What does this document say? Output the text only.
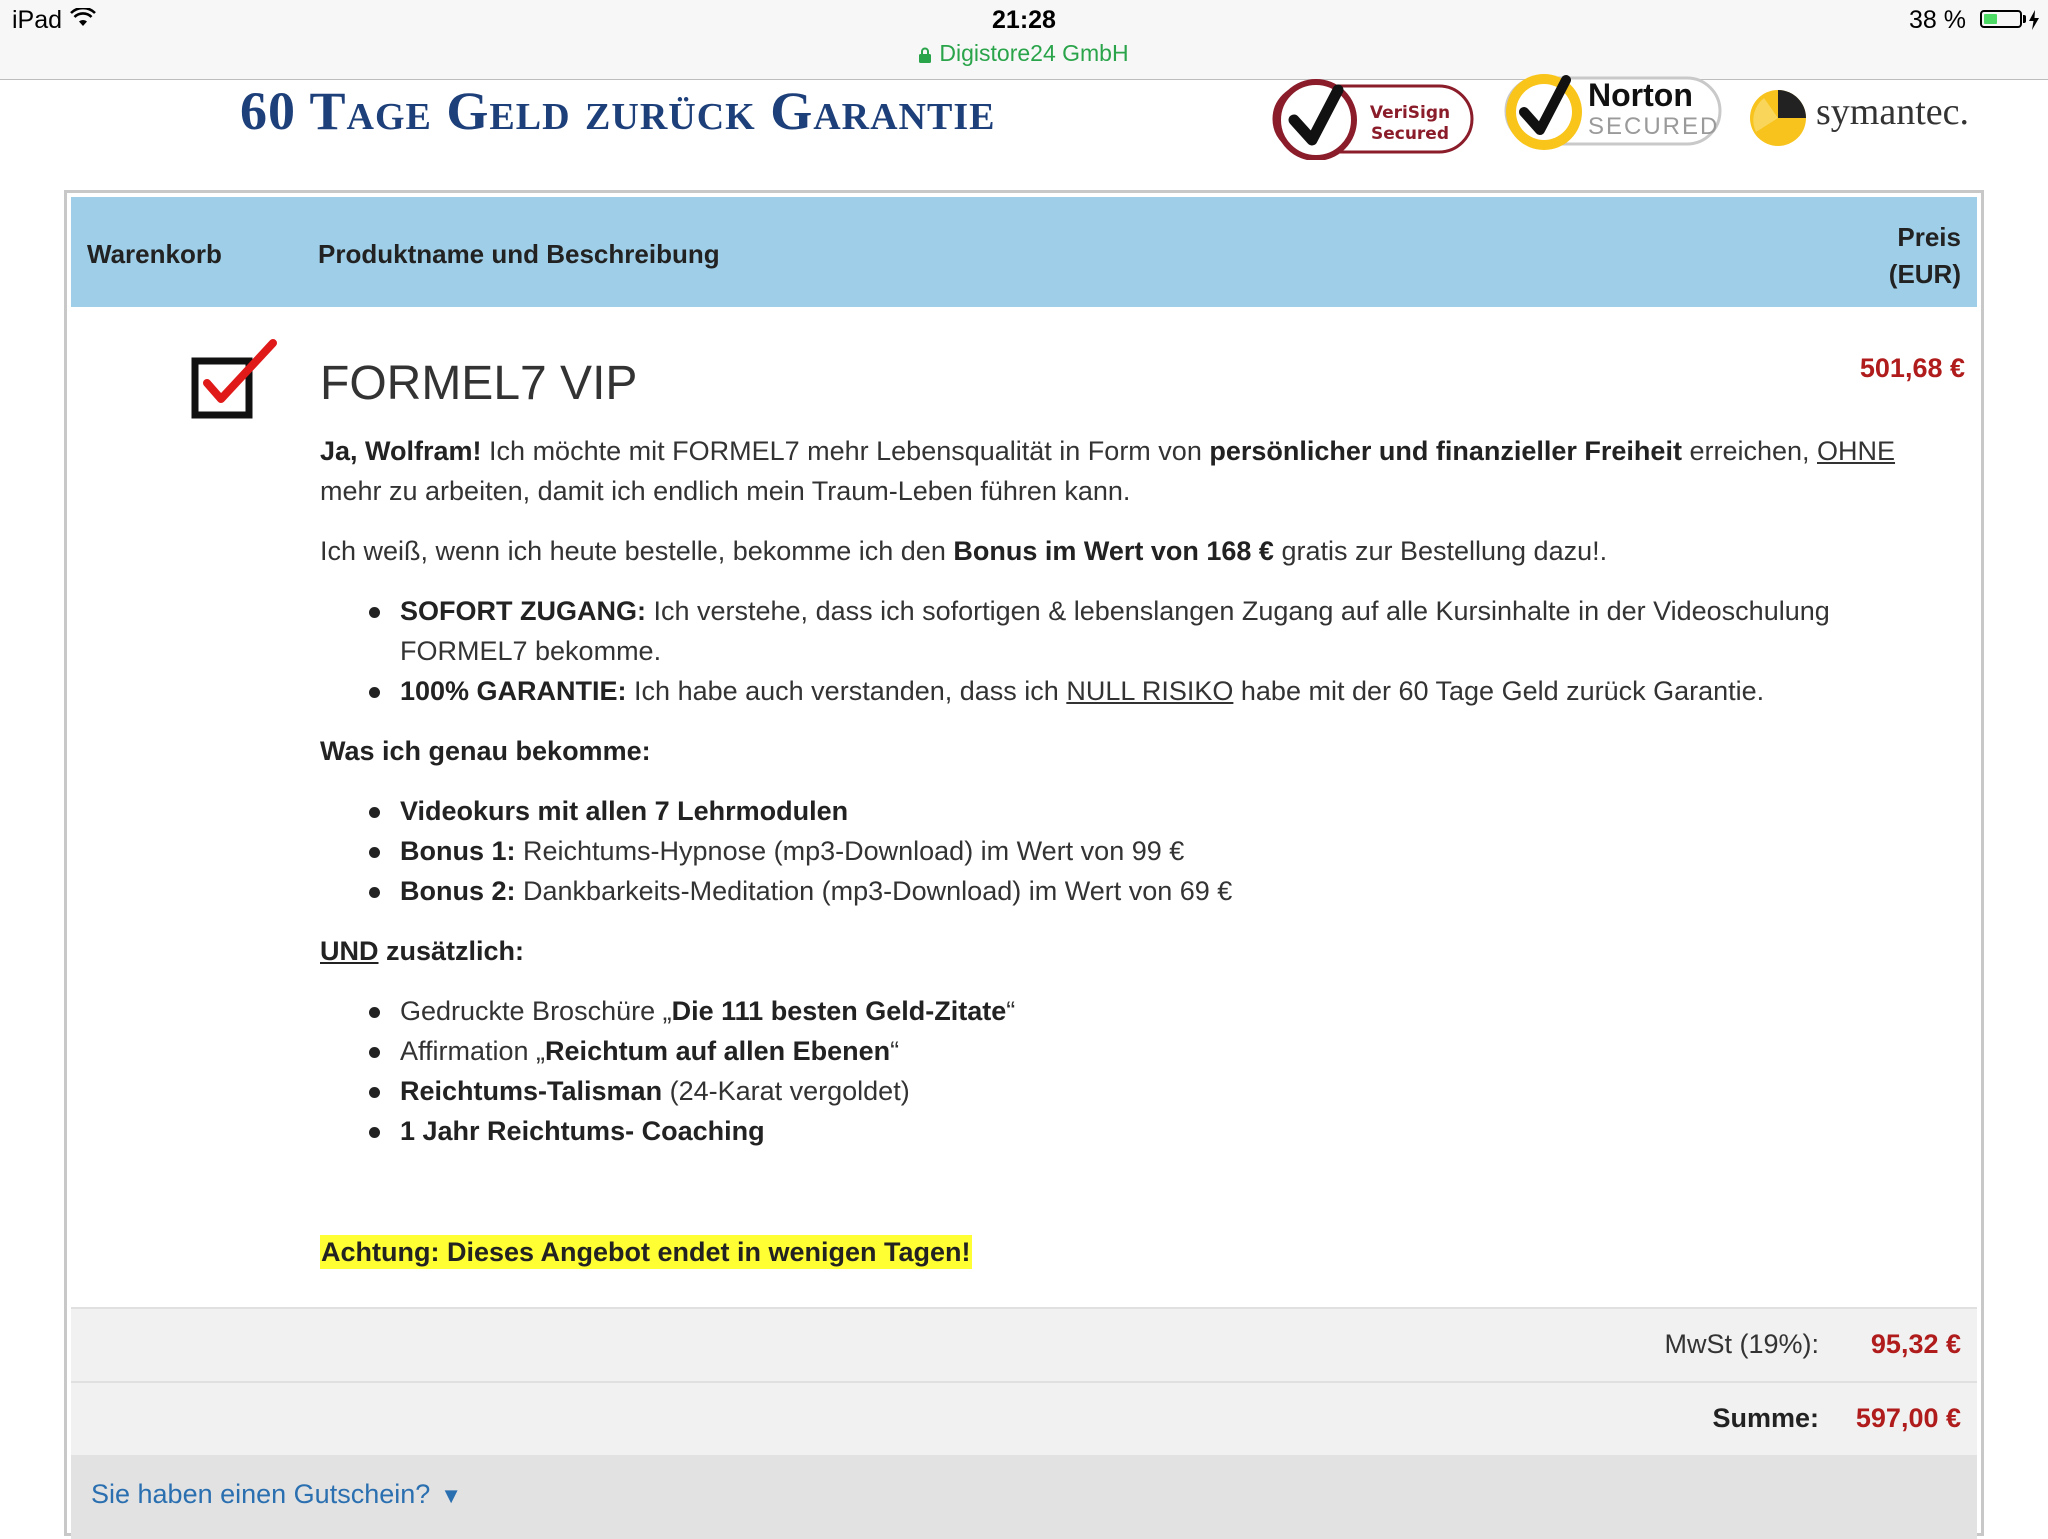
iPad	21:28
Digistore24 GmbH
38 %
60 Tage Geld zurück Garantie	VeriSign
Secured
Norton
SECURED	symantec.
Warenkorb	Produktname und Beschreibung
Preis
(EUR)
FORMEL7 VIP	501,68 €

Ja, Wolfram! Ich möchte mit FORMEL7 mehr Lebensqualität in Form von persönlicher und finanzieller Freiheit erreichen, OHNE mehr zu arbeiten, damit ich endlich mein Traum-Leben führen kann.

Ich weiß, wenn ich heute bestelle, bekomme ich den Bonus im Wert von 168 € gratis zur Bestellung dazu!.

SOFORT ZUGANG: Ich verstehe, dass ich sofortigen & lebenslangen Zugang auf alle Kursinhalte in der Videoschulung FORMEL7 bekomme.
100% GARANTIE: Ich habe auch verstanden, dass ich NULL RISIKO habe mit der 60 Tage Geld zurück Garantie.

Was ich genau bekomme:

Videokurs mit allen 7 Lehrmodulen
Bonus 1: Reichtums-Hypnose (mp3-Download) im Wert von 99 €
Bonus 2: Dankbarkeits-Meditation (mp3-Download) im Wert von 69 €

UND zusätzlich:

Gedruckte Broschüre „Die 111 besten Geld-Zitate“
Affirmation „Reichtum auf allen Ebenen“
Reichtums-Talisman (24-Karat vergoldet)
1 Jahr Reichtums- Coaching
Achtung: Dieses Angebot endet in wenigen Tagen!
MwSt (19%): 95,32 €
Summe: 597,00 €
Sie haben einen Gutschein? ▼
